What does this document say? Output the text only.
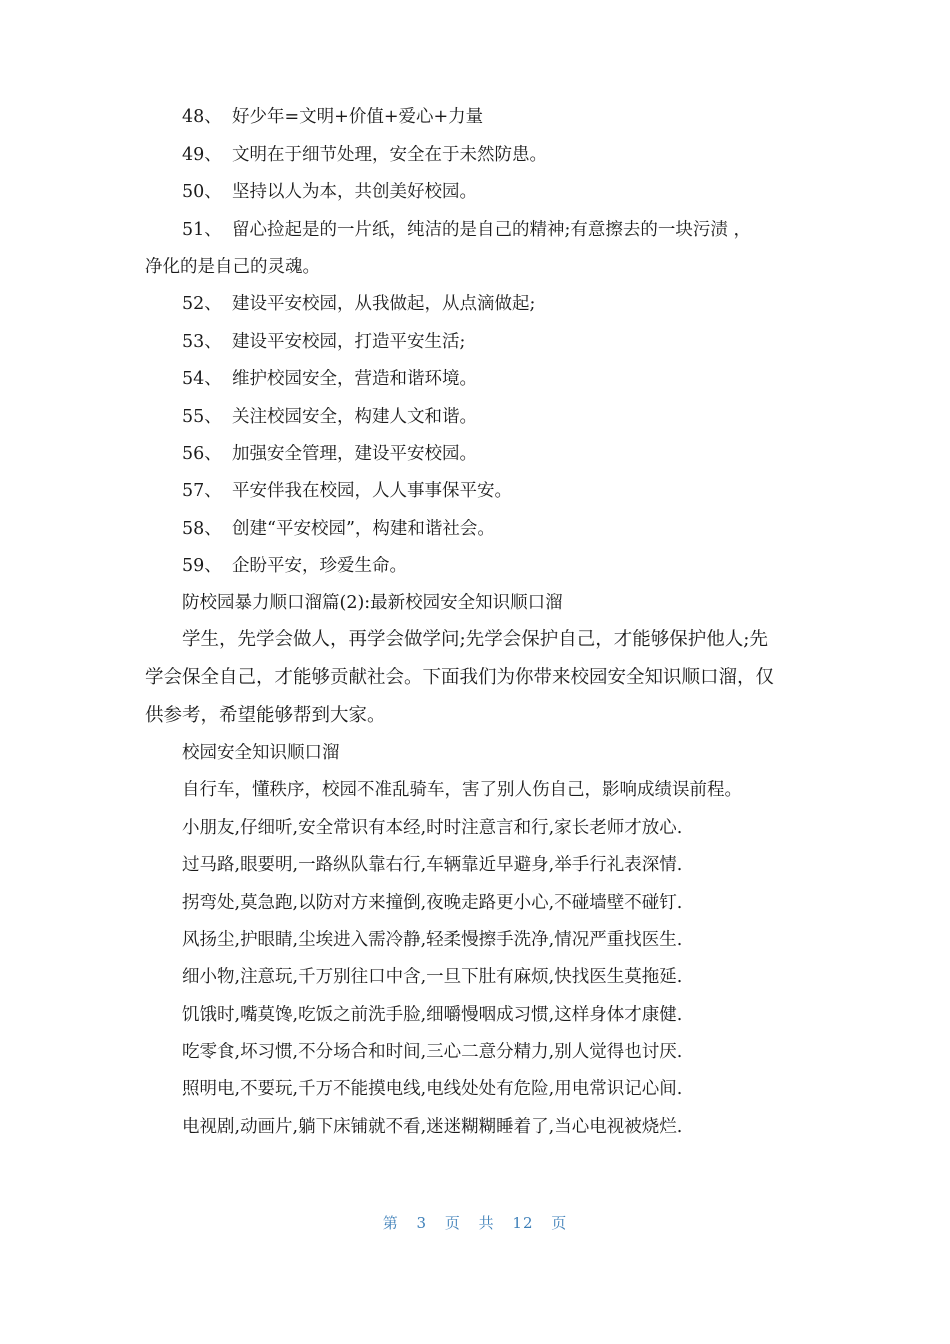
48、 好少年=文明+价值+爱心+力量
49、 文明在于细节处理，安全在于未然防患。
50、 坚持以人为本，共创美好校园。
51、 留心捡起是的一片纸，纯洁的是自己的精神;有意擦去的一块污渍 ，
净化的是自己的灵魂。
52、 建设平安校园，从我做起，从点滴做起;
53、 建设平安校园，打造平安生活;
54、 维护校园安全，营造和谐环境。
55、 关注校园安全，构建人文和谐。
56、 加强安全管理，建设平安校园。
57、 平安伴我在校园，人人事事保平安。
58、 创建“平安校园”，构建和谐社会。
59、 企盼平安，珍爱生命。
防校园暴力顺口溜篇(2):最新校园安全知识顺口溜
学生，先学会做人，再学会做学问;先学会保护自己，才能够保护他人;先
学会保全自己，才能够贡献社会。下面我们为你带来校园安全知识顺口溜，仅
供参考，希望能够帮到大家。
校园安全知识顺口溜
自行车，懂秩序，校园不准乱骑车，害了别人伤自己，影响成绩误前程。
小朋友,仔细听,安全常识有本经,时时注意言和行,家长老师才放心.
过马路,眼要明,一路纵队靠右行,车辆靠近早避身,举手行礼表深情.
拐弯处,莫急跑,以防对方来撞倒,夜晚走路更小心,不碰墙壁不碰钉.
风扬尘,护眼睛,尘埃进入需冷静,轻柔慢擦手洗净,情况严重找医生.
细小物,注意玩,千万别往口中含,一旦下肚有麻烦,快找医生莫拖延.
饥饿时,嘴莫馋,吃饭之前洗手脸,细嚼慢咽成习惯,这样身体才康健.
吃零食,坏习惯,不分场合和时间,三心二意分精力,别人觉得也讨厌.
照明电,不要玩,千万不能摸电线,电线处处有危险,用电常识记心间.
电视剧,动画片,躺下床铺就不看,迷迷糊糊睡着了,当心电视被烧烂.
第 3 页 共 12 页
